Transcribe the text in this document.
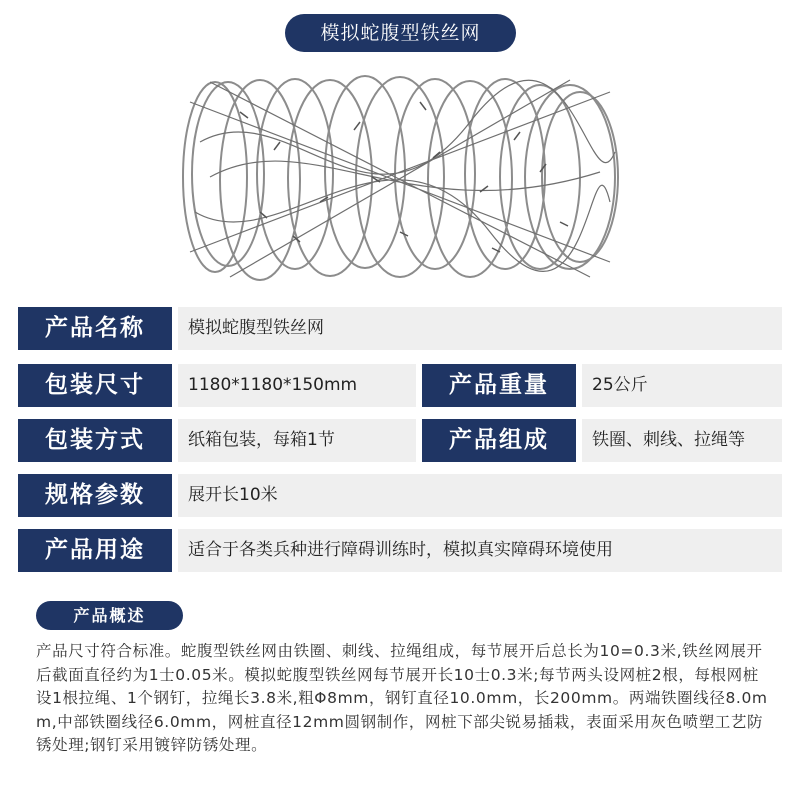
模拟蛇腹型铁丝网
产品名称	模拟蛇腹型铁丝网
包装尺寸	1180*1180*150mm	产品重量	25公斤
包装方式	纸箱包装，每箱1节	产品组成	铁圈、刺线、拉绳等
规格参数	展开长10米
产品用途	适合于各类兵种进行障碍训练时，模拟真实障碍环境使用
产品概述
产品尺寸符合标准。蛇腹型铁丝网由铁圈、刺线、拉绳组成，每节展开后总长为10=0.3米,铁丝网展开后截面直径约为1士0.05米。模拟蛇腹型铁丝网每节展开长10士0.3米;每节两头设网桩2根，每根网桩设1根拉绳、1个钢钉，拉绳长3.8米,粗Φ8mm，钢钉直径10.0mm，长200mm。两端铁圈线径8.0mm,中部铁圈线径6.0mm，网桩直径12mm圆钢制作，网桩下部尖锐易插栽，表面采用灰色喷塑工艺防锈处理;钢钉采用镀锌防锈处理。
